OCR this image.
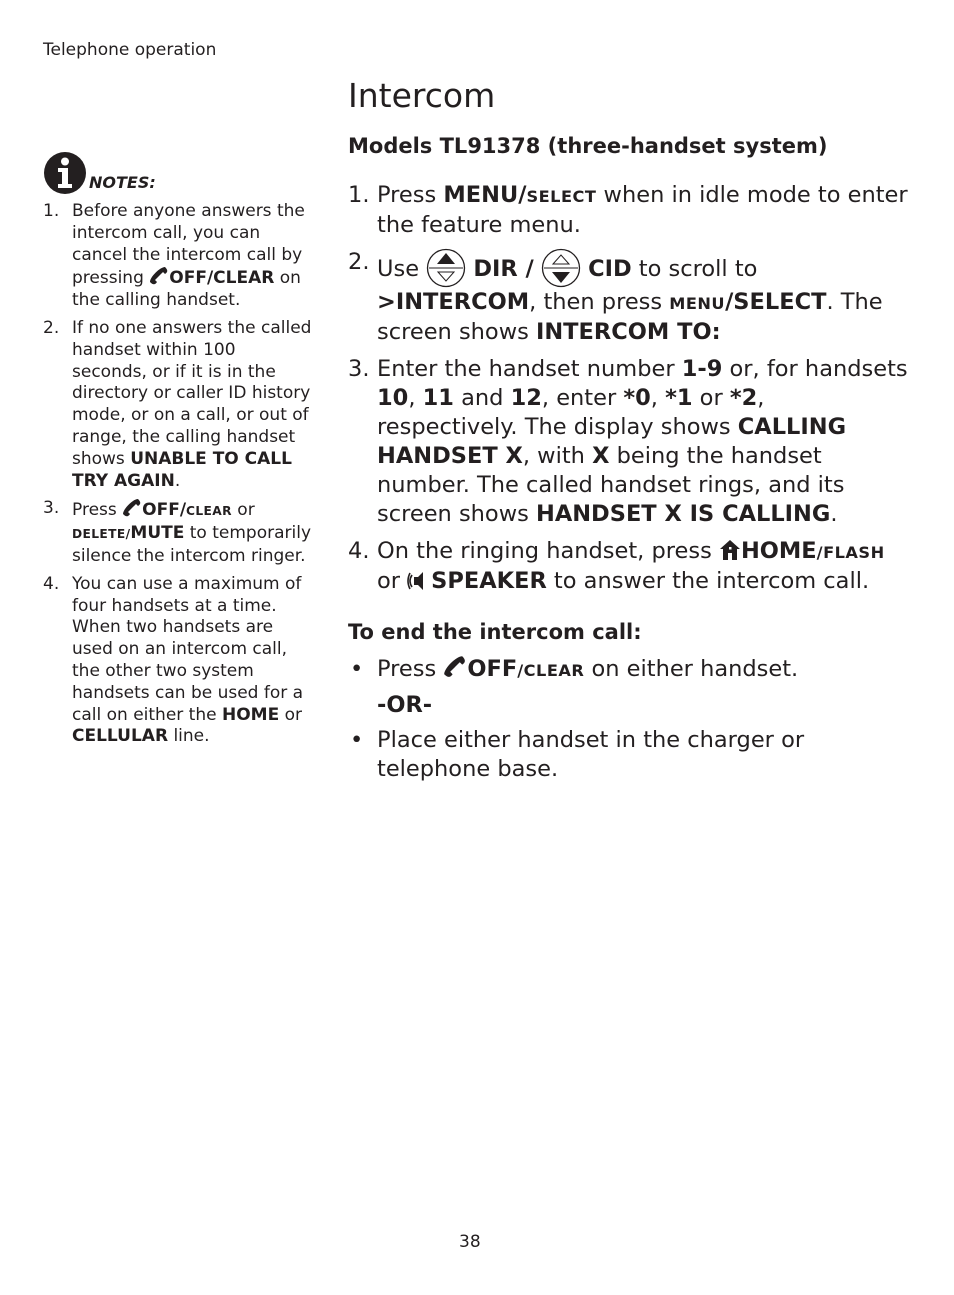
Telephone operation
Intercom
NOTES:
1. Before anyone answers the intercom call, you can cancel the intercom call by pressing OFF/CLEAR on the calling handset.
2. If no one answers the called handset within 100 seconds, or if it is in the directory or caller ID history mode, or on a call, or out of range, the calling handset shows UNABLE TO CALL TRY AGAIN.
3. Press OFF/CLEAR or DELETE/MUTE to temporarily silence the intercom ringer.
4. You can use a maximum of four handsets at a time. When two handsets are used on an intercom call, the other two system handsets can be used for a call on either the HOME or CELLULAR line.
Models TL91378 (three-handset system)
1. Press MENU/SELECT when in idle mode to enter the feature menu.
2. Use  DIR / CID to scroll to >INTERCOM, then press MENU/SELECT. The screen shows INTERCOM TO:
3. Enter the handset number 1-9 or, for handsets 10, 11 and 12, enter *0, *1 or *2, respectively. The display shows CALLING HANDSET X, with X being the handset number. The called handset rings, and its screen shows HANDSET X IS CALLING.
4. On the ringing handset, press HOME/FLASH or SPEAKER to answer the intercom call.
To end the intercom call:
• Press OFF/CLEAR on either handset.
-OR-
• Place either handset in the charger or telephone base.
38
